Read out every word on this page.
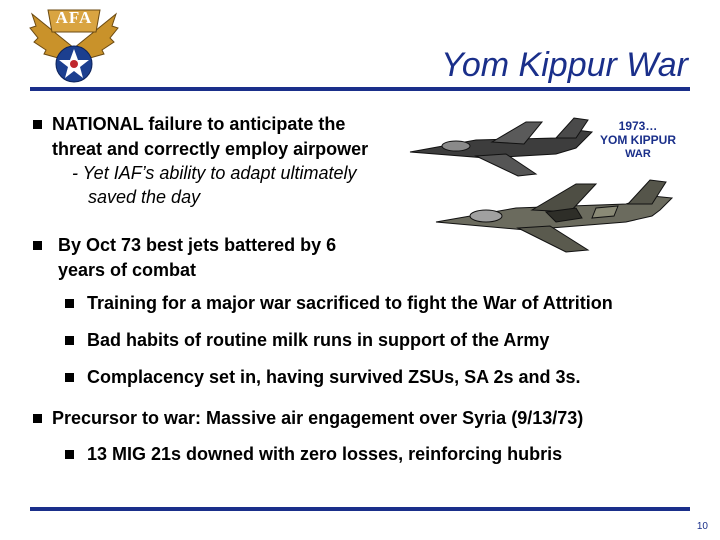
AFA
Yom Kippur War
1973…
YOM KIPPUR
WAR
NATIONAL failure to anticipate the
threat and correctly employ airpower
- Yet IAF’s ability to adapt ultimately
saved the day
By Oct 73 best jets battered by 6
years of combat
Training for a major war sacrificed to fight the War of Attrition
Bad habits of routine milk runs in support of the Army
Complacency set in, having survived ZSUs, SA 2s and 3s.
Precursor to war: Massive air engagement over Syria (9/13/73)
13 MIG 21s downed with zero losses, reinforcing hubris
10
